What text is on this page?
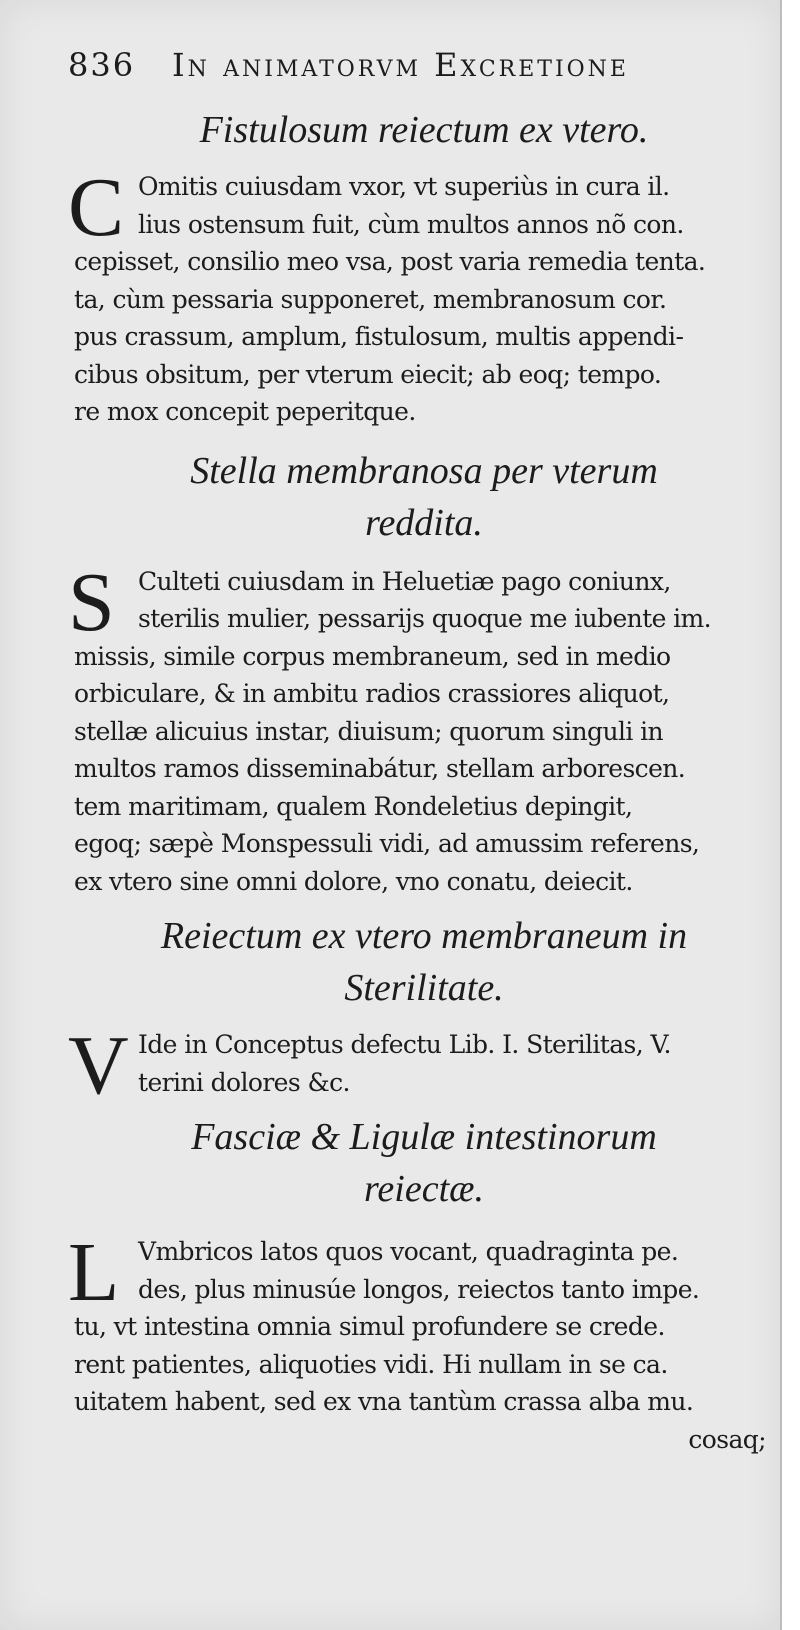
836 In animatorvm Excretione
Fistulosum reiectum ex vtero.
C Omitis cuiusdam vxor, vt superiùs in cura il.
lius ostensum fuit, cùm multos annos nõ con.
cepisset, consilio meo vsa, post varia remedia tenta.
ta, cùm pessaria supponeret, membranosum cor.
pus crassum, amplum, fistulosum, multis appendi-
cibus obsitum, per vterum eiecit; ab eoq; tempo.
re mox concepit peperitque.
Stella membranosa per vterum
reddita.
S Culteti cuiusdam in Heluetiæ pago coniunx,
sterilis mulier, pessarijs quoque me iubente im.
missis, simile corpus membraneum, sed in medio
orbiculare, & in ambitu radios crassiores aliquot,
stellæ alicuius instar, diuisum; quorum singuli in
multos ramos disseminabátur, stellam arborescen.
tem maritimam, qualem Rondeletius depingit,
egoq; sæpè Monspessuli vidi, ad amussim referens,
ex vtero sine omni dolore, vno conatu, deiecit.
Reiectum ex vtero membraneum in
Sterilitate.
V Ide in Conceptus defectu Lib. I. Sterilitas, V.
terini dolores &c.
Fasciæ & Ligulæ intestinorum
reiectæ.
L Vmbricos latos quos vocant, quadraginta pe.
des, plus minusúe longos, reiectos tanto impe.
tu, vt intestina omnia simul profundere se crede.
rent patientes, aliquoties vidi. Hi nullam in se ca.
uitatem habent, sed ex vna tantùm crassa alba mu.
cosaq;
